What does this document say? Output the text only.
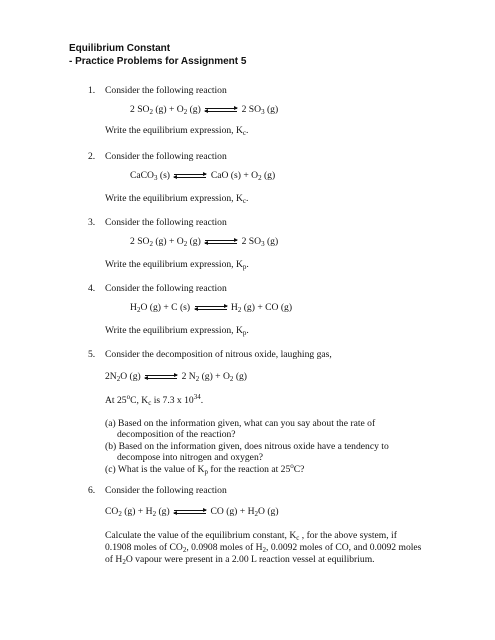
Equilibrium Constant
- Practice Problems for Assignment 5
1. Consider the following reaction
2 $SO_2$ $(g) + O_2$ (g) ⇌ 2 $SO_3$ (g)
Write the equilibrium expression, $K_c$.
2. Consider the following reaction
CaCO$_3$ (s) ⇌ CaO $(s) + O_2$ (g)
Write the equilibrium expression, $K_c$.
3. Consider the following reaction
2 $SO_2$ $(g) + O_2$ (g) ⇌ 2 $SO_3$ (g)
Write the equilibrium expression, $K_p$.
4. Consider the following reaction
$H_2O$ (g) + C (s) ⇌ $H_2$ (g) + CO (g)
Write the equilibrium expression, $K_p$.
5. Consider the decomposition of nitrous oxide, laughing gas,
$2N_2O$ (g) ⇌ 2 $N_2$ $(g) + O_2$ (g)
At 25$^o$C, $K_c$ is 7.3 x $10^{34}$.
(a) Based on the information given, what can you say about the rate of
decomposition of the reaction?
(b) Based on the information given, does nitrous oxide have a tendency to
decompose into nitrogen and oxygen?
(c) What is the value of $K_p$ for the reaction at 25$^o$C?
6. Consider the following reaction
$CO_2$ $(g) + H_2$ (g) ⇌ CO $(g) + H_2O$ (g)
Calculate the value of the equilibrium constant, $K_c$ , for the above system, if
0.1908 moles of $CO_2$, 0.0908 moles of $H_2$, 0.0092 moles of CO, and 0.0092 moles
of $H_2O$ vapour were present in a 2.00 L reaction vessel at equilibrium.
